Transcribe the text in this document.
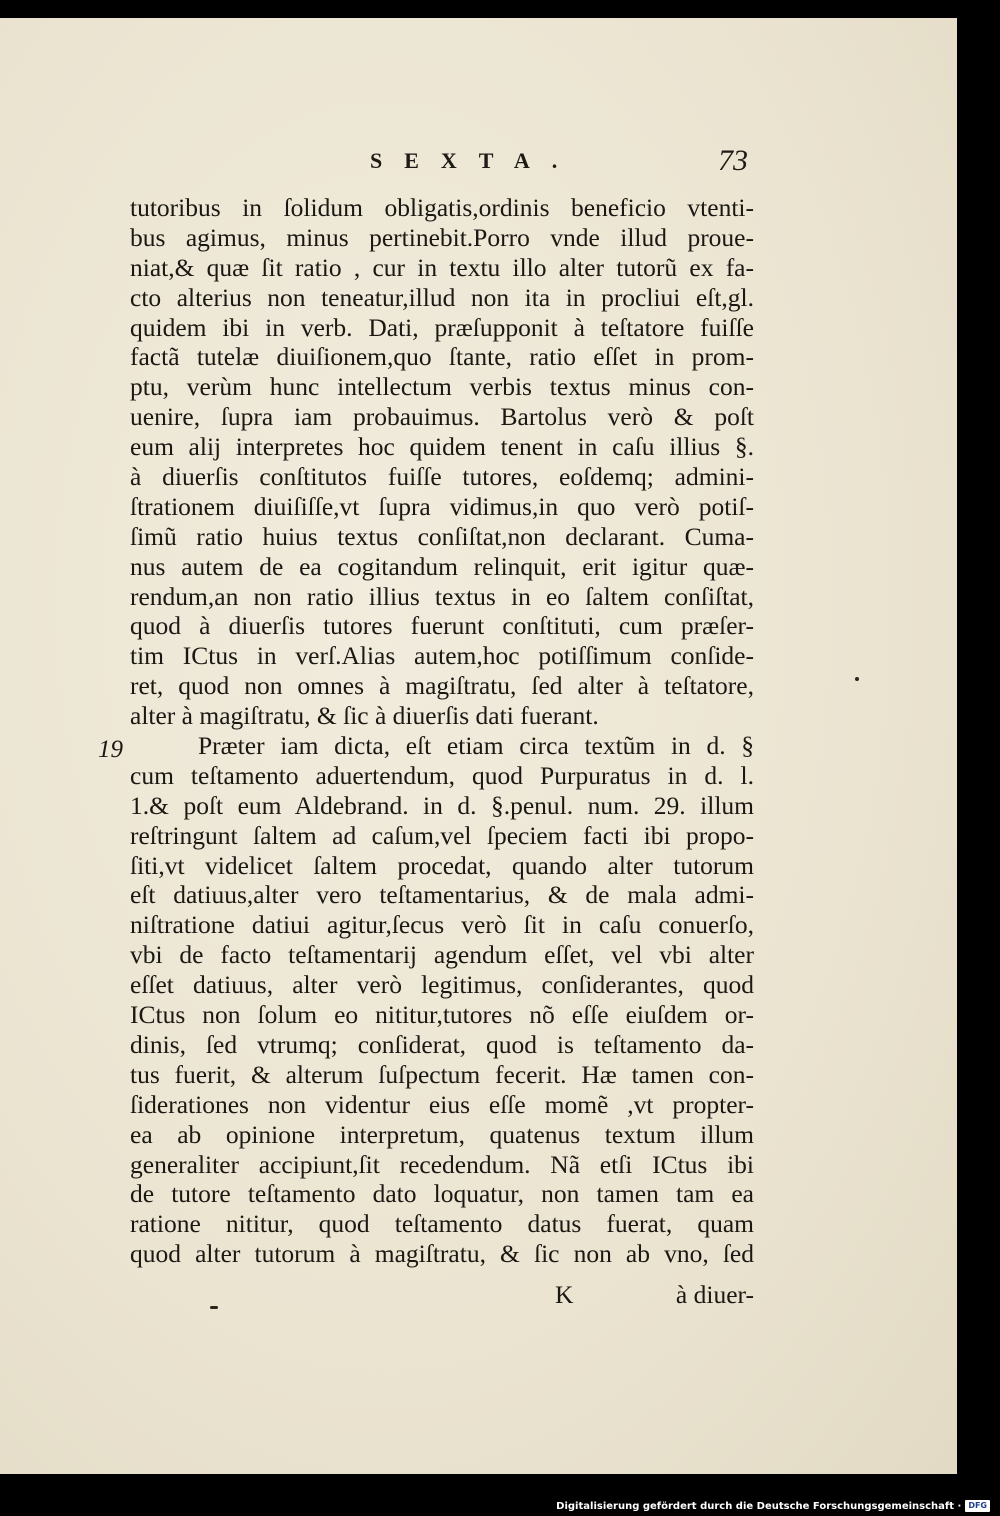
SEXTA.	73
19
tutoribus in ſolidum obligatis,ordinis beneficio vtenti-
bus agimus, minus pertinebit.Porro vnde illud proue-
niat,& quæ ſit ratio , cur in textu illo alter tutorũ ex fa-
cto alterius non teneatur,illud non ita in procliui eſt,gl.
quidem ibi in verb. Dati, præſupponit à teſtatore fuiſſe
factã tutelæ diuiſionem,quo ſtante, ratio eſſet in prom-
ptu, verùm hunc intellectum verbis textus minus con-
uenire, ſupra iam probauimus. Bartolus verò & poſt
eum alij interpretes hoc quidem tenent in caſu illius §.
à diuerſis conſtitutos fuiſſe tutores, eoſdemq; admini-
ſtrationem diuiſiſſe,vt ſupra vidimus,in quo verò potiſ-
ſimũ ratio huius textus conſiſtat,non declarant. Cuma-
nus autem de ea cogitandum relinquit, erit igitur quæ-
rendum,an non ratio illius textus in eo ſaltem conſiſtat,
quod à diuerſis tutores fuerunt conſtituti, cum præſer-
tim ICtus in verſ.Alias autem,hoc potiſſimum conſide-
ret, quod non omnes à magiſtratu, ſed alter à teſtatore,
alter à magiſtratu, & ſic à diuerſis dati fuerant.
Præter iam dicta, eſt etiam circa textũm in d. §
cum teſtamento aduertendum, quod Purpuratus in d. l.
1.& poſt eum Aldebrand. in d. §.penul. num. 29. illum
reſtringunt ſaltem ad caſum,vel ſpeciem facti ibi propo-
ſiti,vt videlicet ſaltem procedat, quando alter tutorum
eſt datiuus,alter vero teſtamentarius, & de mala admi-
niſtratione datiui agitur,ſecus verò ſit in caſu conuerſo,
vbi de facto teſtamentarij agendum eſſet, vel vbi alter
eſſet datiuus, alter verò legitimus, conſiderantes, quod
ICtus non ſolum eo nititur,tutores nõ eſſe eiuſdem or-
dinis, ſed vtrumq; conſiderat, quod is teſtamento da-
tus fuerit, & alterum ſuſpectum fecerit. Hæ tamen con-
ſiderationes non videntur eius eſſe momẽ ,vt propter-
ea ab opinione interpretum, quatenus textum illum
generaliter accipiunt,ſit recedendum. Nã etſi ICtus ibi
de tutore teſtamento dato loquatur, non tamen tam ea
ratione nititur, quod teſtamento datus fuerat, quam
quod alter tutorum à magiſtratu, & ſic non ab vno, ſed
K	à diuer-
Digitalisierung gefördert durch die Deutsche Forschungsgemeinschaft · DFG
